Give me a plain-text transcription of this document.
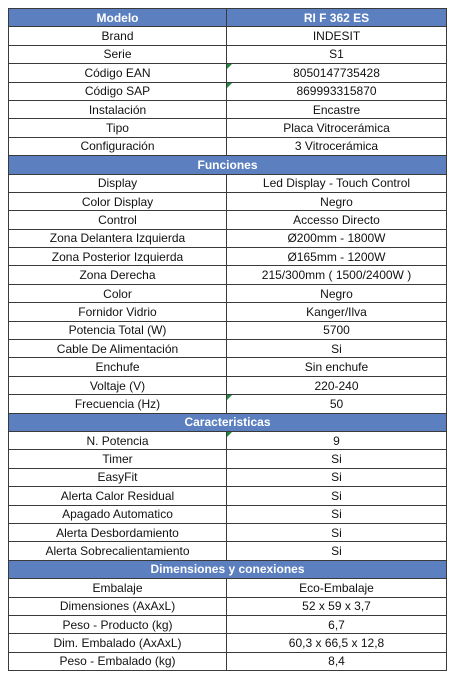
Modelo	RI F 362 ES
Brand	INDESIT
Serie	S1
Código EAN	8050147735428
Código SAP	869993315870
Instalación	Encastre
Tipo	Placa Vitrocerámica
Configuración	3 Vitrocerámica
Funciones	
Display	Led Display - Touch Control
Color Display	Negro
Control	Accesso Directo
Zona Delantera Izquierda	Ø200mm - 1800W
Zona Posterior Izquierda	Ø165mm - 1200W
Zona Derecha	215/300mm ( 1500/2400W )
Color	Negro
Fornidor Vidrio	Kanger/Ilva
Potencia Total (W)	5700
Cable De Alimentación	Si
Enchufe	Sin enchufe
Voltaje (V)	220-240
Frecuencia (Hz)	50
Caracteristicas	
N. Potencia	9
Timer	Si
EasyFit	Si
Alerta Calor Residual	Si
Apagado Automatico	Si
Alerta Desbordamiento	Si
Alerta Sobrecalientamiento	Si
Dimensiones y conexiones	
Embalaje	Eco-Embalaje
Dimensiones (AxAxL)	52 x 59 x 3,7
Peso - Producto (kg)	6,7
Dim. Embalado (AxAxL)	60,3 x 66,5 x 12,8
Peso - Embalado (kg)	8,4
